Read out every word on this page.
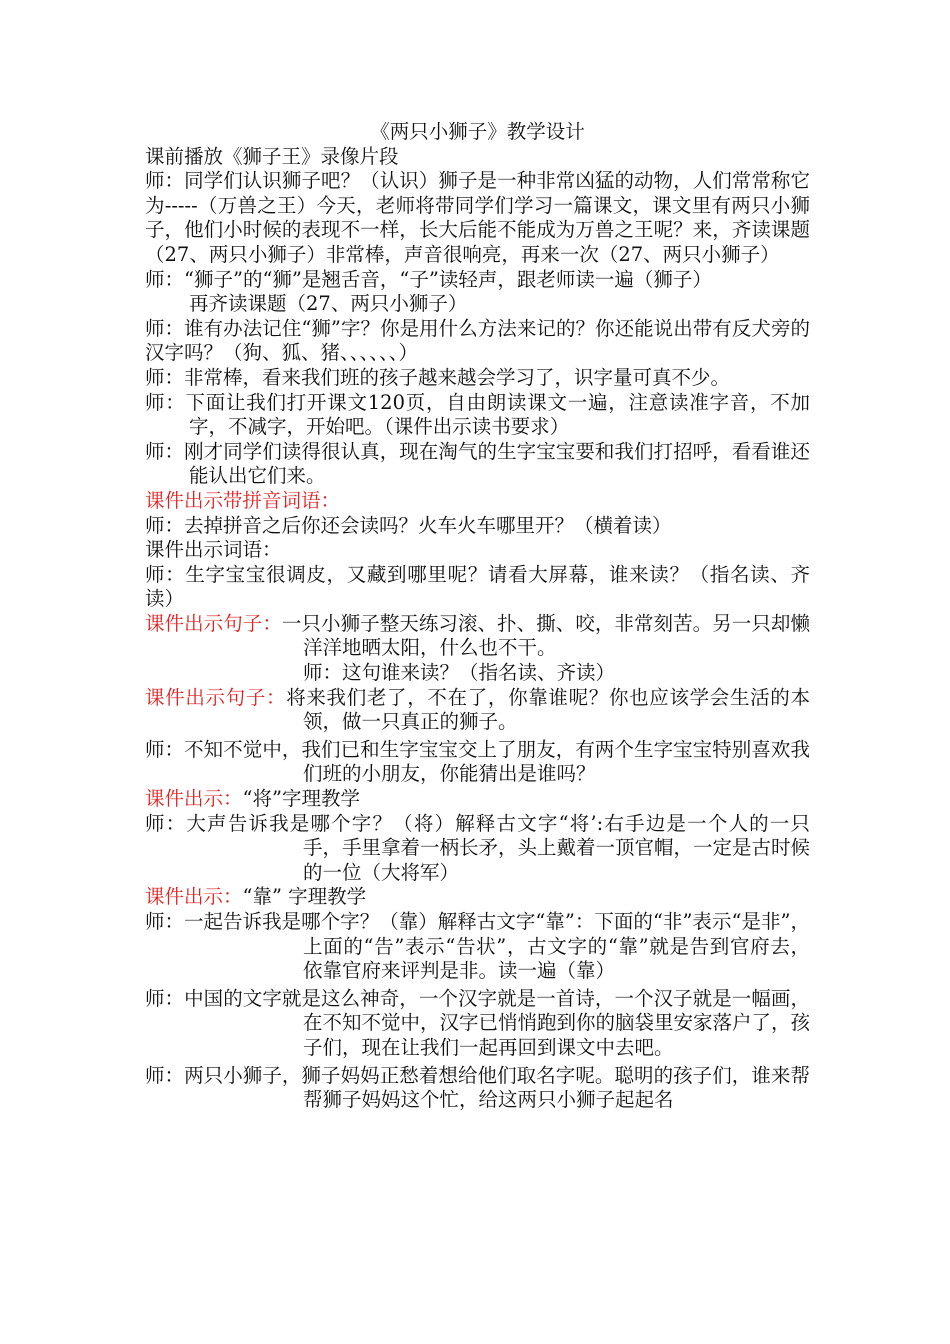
《两只小狮子》教学设计

课前播放《狮子王》录像片段

师：同学们认识狮子吧？（认识）狮子是一种非常凶猛的动物，人们常常称它为-----（万兽之王）今天，老师将带同学们学习一篇课文，课文里有两只小狮子，他们小时候的表现不一样，长大后能不能成为万兽之王呢？来，齐读课题（27、两只小狮子）非常棒，声音很响亮，再来一次（27、两只小狮子）

师：“狮子”的“狮”是翘舌音，“子”读轻声，跟老师读一遍（狮子）

再齐读课题（27、两只小狮子）

师：谁有办法记住“狮”字？你是用什么方法来记的？你还能说出带有反犬旁的汉字吗？（狗、狐、猪、、、、、、）

师：非常棒，看来我们班的孩子越来越会学习了，识字量可真不少。

师：下面让我们打开课文120页，自由朗读课文一遍，注意读准字音，不加字，不减字，开始吧。（课件出示读书要求）

师：刚才同学们读得很认真，现在淘气的生字宝宝要和我们打招呼，看看谁还能认出它们来。

课件出示带拼音词语：

师：去掉拼音之后你还会读吗？火车火车哪里开？（横着读）

课件出示词语：

师：生字宝宝很调皮，又藏到哪里呢？请看大屏幕，谁来读？（指名读、齐读）

课件出示句子：一只小狮子整天练习滚、扑、撕、咬，非常刻苦。另一只却懒洋洋地晒太阳，什么也不干。

师：这句谁来读？（指名读、齐读）

课件出示句子：将来我们老了，不在了，你靠谁呢？你也应该学会生活的本领，做一只真正的狮子。

师：不知不觉中，我们已和生字宝宝交上了朋友，有两个生字宝宝特别喜欢我们班的小朋友，你能猜出是谁吗？

课件出示：“将”字理教学

师：大声告诉我是哪个字？（将）解释古文字“将’:右手边是一个人的一只手，手里拿着一柄长矛，头上戴着一顶官帽，一定是古时候的一位（大将军）

课件出示：“靠” 字理教学

师：一起告诉我是哪个字？（靠）解释古文字“靠”：下面的“非”表示“是非”，上面的“告”表示“告状”，古文字的“靠”就是告到官府去，依靠官府来评判是非。读一遍（靠）

师：中国的文字就是这么神奇，一个汉字就是一首诗，一个汉子就是一幅画，在不知不觉中，汉字已悄悄跑到你的脑袋里安家落户了，孩子们，现在让我们一起再回到课文中去吧。

师：两只小狮子，狮子妈妈正愁着想给他们取名字呢。聪明的孩子们，谁来帮帮狮子妈妈这个忙，给这两只小狮子起起名
